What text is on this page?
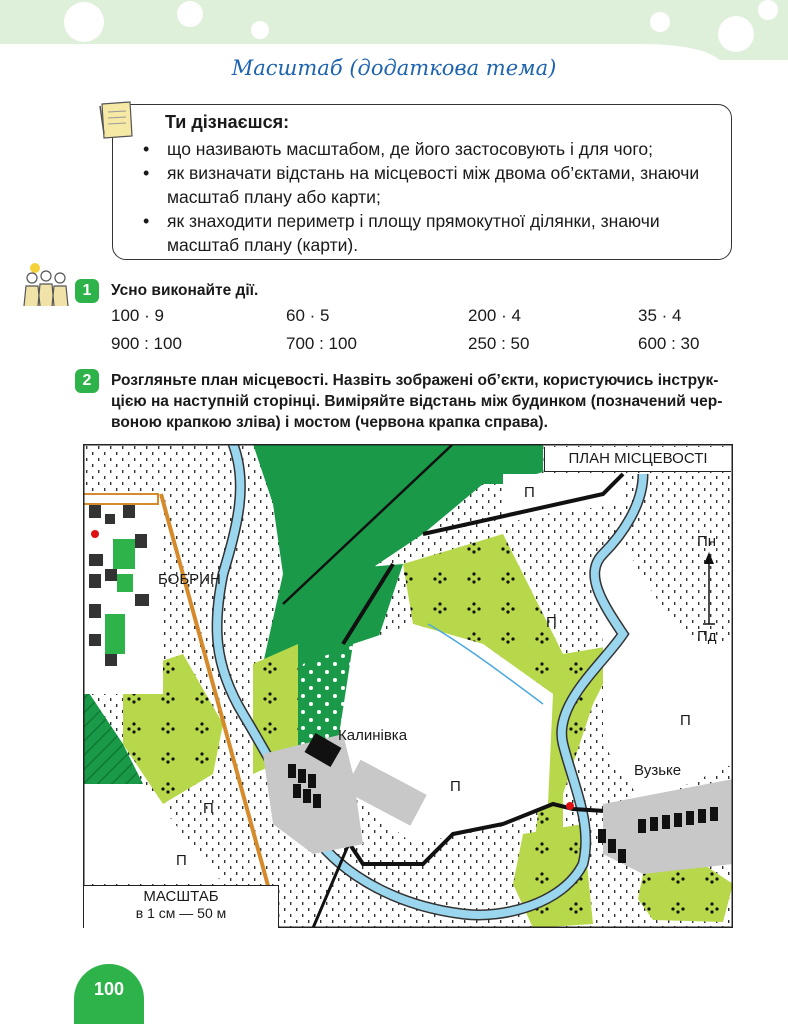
Масштаб (додаткова тема)
Ти дізнаєшся:
• що називають масштабом, де його застосовують і для чого;
• як визначати відстань на місцевості між двома об’єктами, знаючи масштаб плану або карти;
• як знаходити периметр і площу прямокутної ділянки, знаючи масштаб плану (карти).
1	Усно виконайте дії.
100 · 9	60 · 5	200 · 4	35 · 4
900 : 100	700 : 100	250 : 50	600 : 30
2	Розгляньте план місцевості. Назвіть зображені об’єкти, користуючись інструк-
цією на наступній сторінці. Виміряйте відстань між будинком (позначений чер-
воною крапкою зліва) і мостом (червона крапка справа).
ПЛАН МІСЦЕВОСТІ
МАСШТАБ
в 1 см — 50 м
БОБРИН
Калинівка
Вузьке
Пн
Пд
П
П
П
П
П
П
100
